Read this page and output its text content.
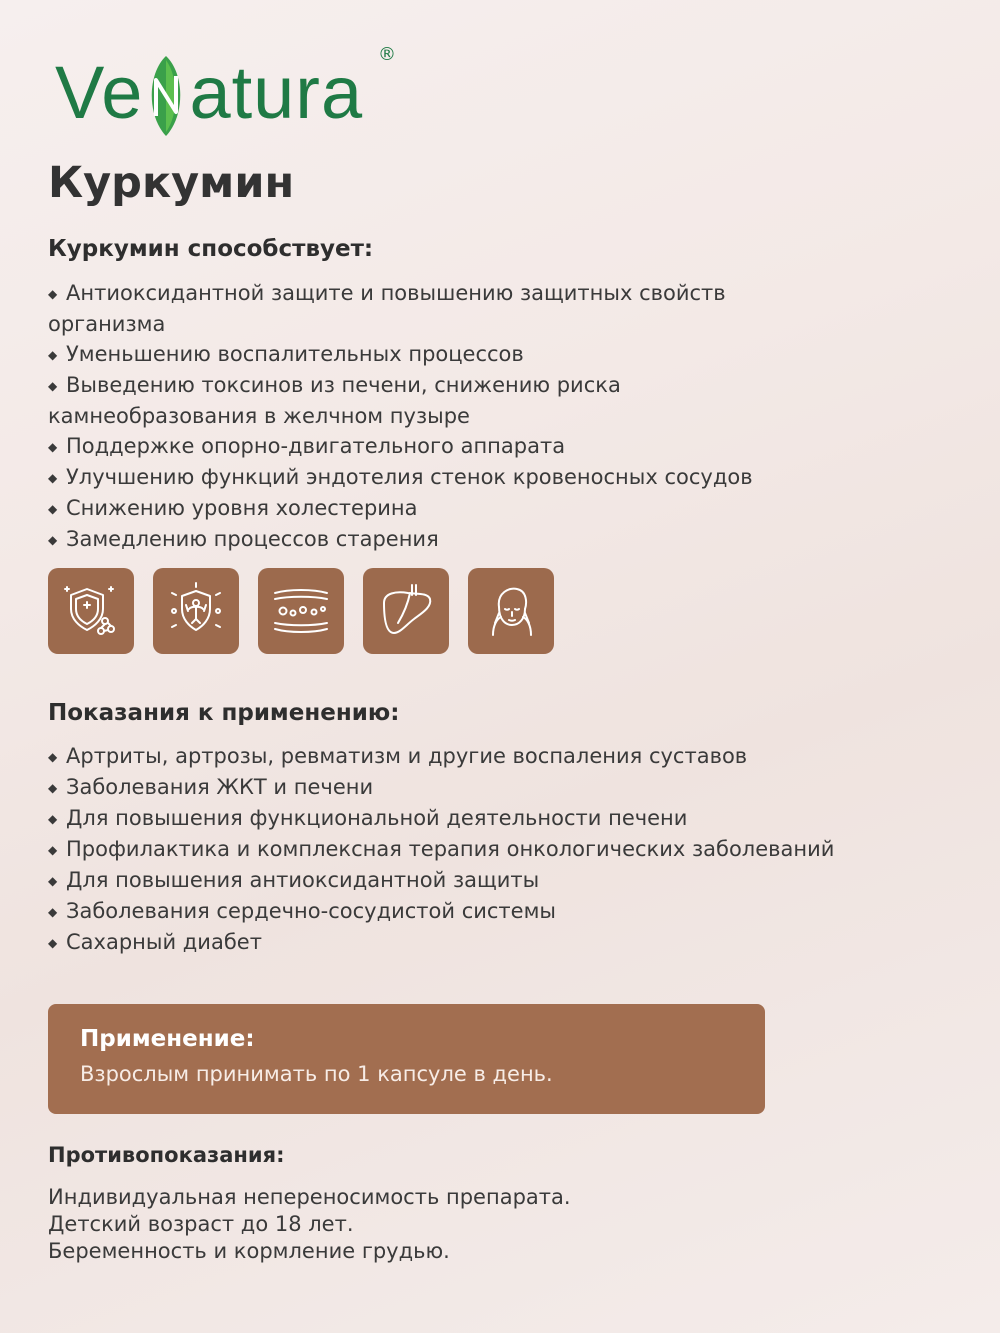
Ve atura ®
Куркумин
Куркумин способствует:
◆ Антиоксидантной защите и повышению защитных свойств
организма
◆ Уменьшению воспалительных процессов
◆ Выведению токсинов из печени, снижению риска
камнеобразования в желчном пузыре
◆ Поддержке опорно-двигательного аппарата
◆ Улучшению функций эндотелия стенок кровеносных сосудов
◆ Снижению уровня холестерина
◆ Замедлению процессов старения
Показания к применению:
◆ Артриты, артрозы, ревматизм и другие воспаления суставов
◆ Заболевания ЖКТ и печени
◆ Для повышения функциональной деятельности печени
◆ Профилактика и комплексная терапия онкологических заболеваний
◆ Для повышения антиоксидантной защиты
◆ Заболевания сердечно-сосудистой системы
◆ Сахарный диабет
Применение:
Взрослым принимать по 1 капсуле в день.
Противопоказания:
Индивидуальная непереносимость препарата.
Детский возраст до 18 лет.
Беременность и кормление грудью.
